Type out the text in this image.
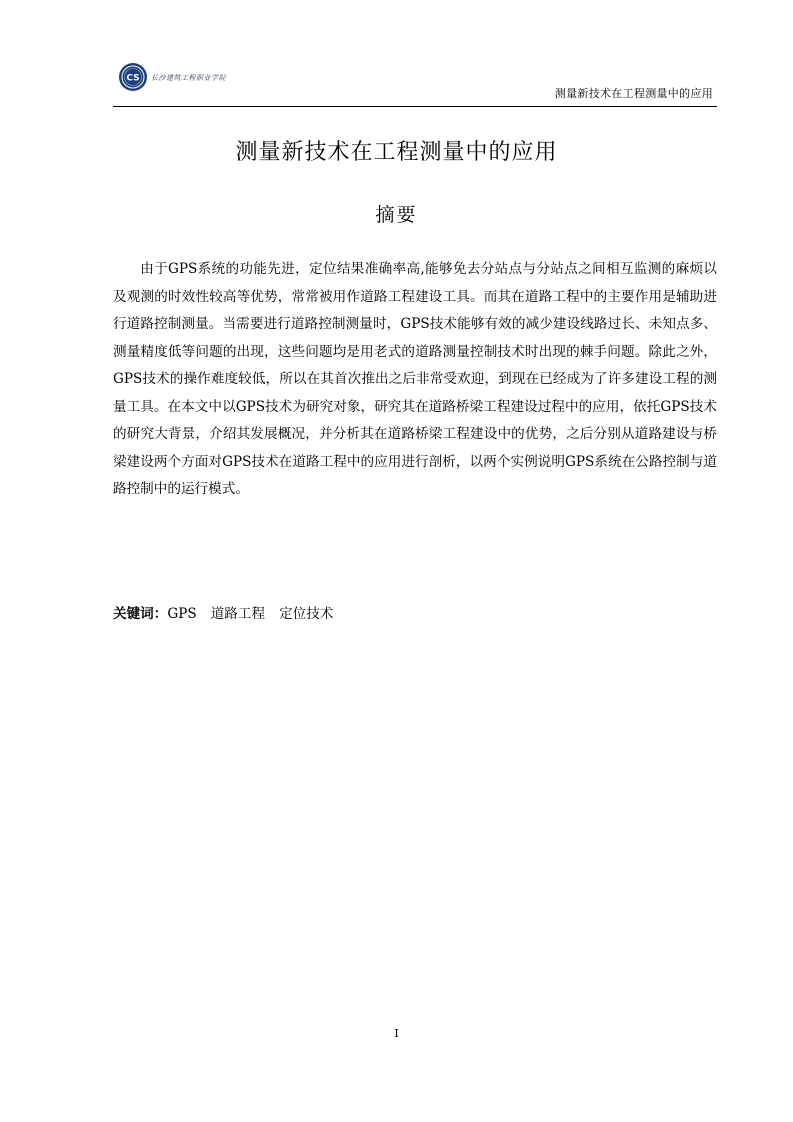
CS 长沙建筑工程职业学院
测量新技术在工程测量中的应用
测量新技术在工程测量中的应用
摘要

由于GPS系统的功能先进，定位结果准确率高,能够免去分站点与分站点之间相互监测的麻烦以及观测的时效性较高等优势，常常被用作道路工程建设工具。而其在道路工程中的主要作用是辅助进行道路控制测量。当需要进行道路控制测量时，GPS技术能够有效的减少建设线路过长、未知点多、测量精度低等问题的出现，这些问题均是用老式的道路测量控制技术时出现的棘手问题。除此之外，GPS技术的操作难度较低，所以在其首次推出之后非常受欢迎，到现在已经成为了许多建设工程的测量工具。在本文中以GPS技术为研究对象，研究其在道路桥梁工程建设过程中的应用，依托GPS技术的研究大背景，介绍其发展概况，并分析其在道路桥梁工程建设中的优势，之后分别从道路建设与桥梁建设两个方面对GPS技术在道路工程中的应用进行剖析，以两个实例说明GPS系统在公路控制与道路控制中的运行模式。

关键词：GPS 道路工程 定位技术
I
